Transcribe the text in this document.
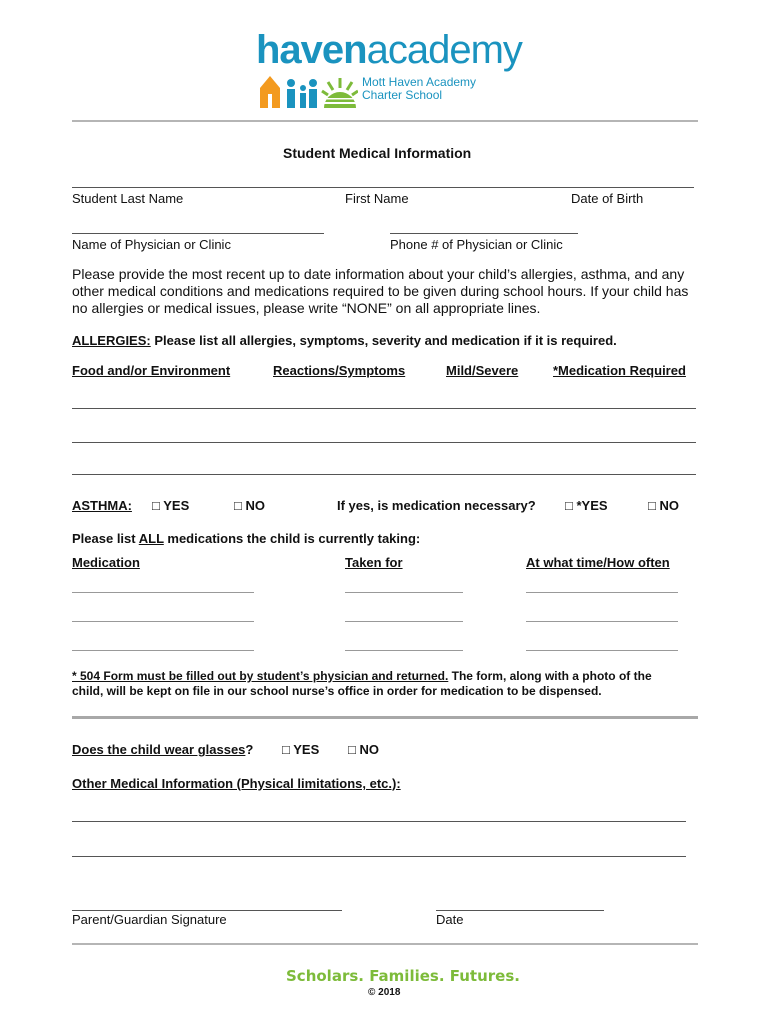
havenacademy
Mott Haven Academy
Charter School
Student Medical Information
Student Last Name	First Name	Date of Birth
Name of Physician or Clinic	Phone # of Physician or Clinic
Please provide the most recent up to date information about your child’s allergies, asthma, and any
other medical conditions and medications required to be given during school hours. If your child has
no allergies or medical issues, please write “NONE” on all appropriate lines.
ALLERGIES: Please list all allergies, symptoms, severity and medication if it is required.
Food and/or Environment	Reactions/Symptoms	Mild/Severe	*Medication Required
ASTHMA: □ YES	□ NO	If yes, is medication necessary? □ *YES	□ NO
Please list ALL medications the child is currently taking:
Medication	Taken for	At what time/How often
* 504 Form must be filled out by student’s physician and returned. The form, along with a photo of the
child, will be kept on file in our school nurse’s office in order for medication to be dispensed.
Does the child wear glasses? □ YES □ NO
Other Medical Information (Physical limitations, etc.):
Parent/Guardian Signature	Date
Scholars. Families. Futures.
© 2018
